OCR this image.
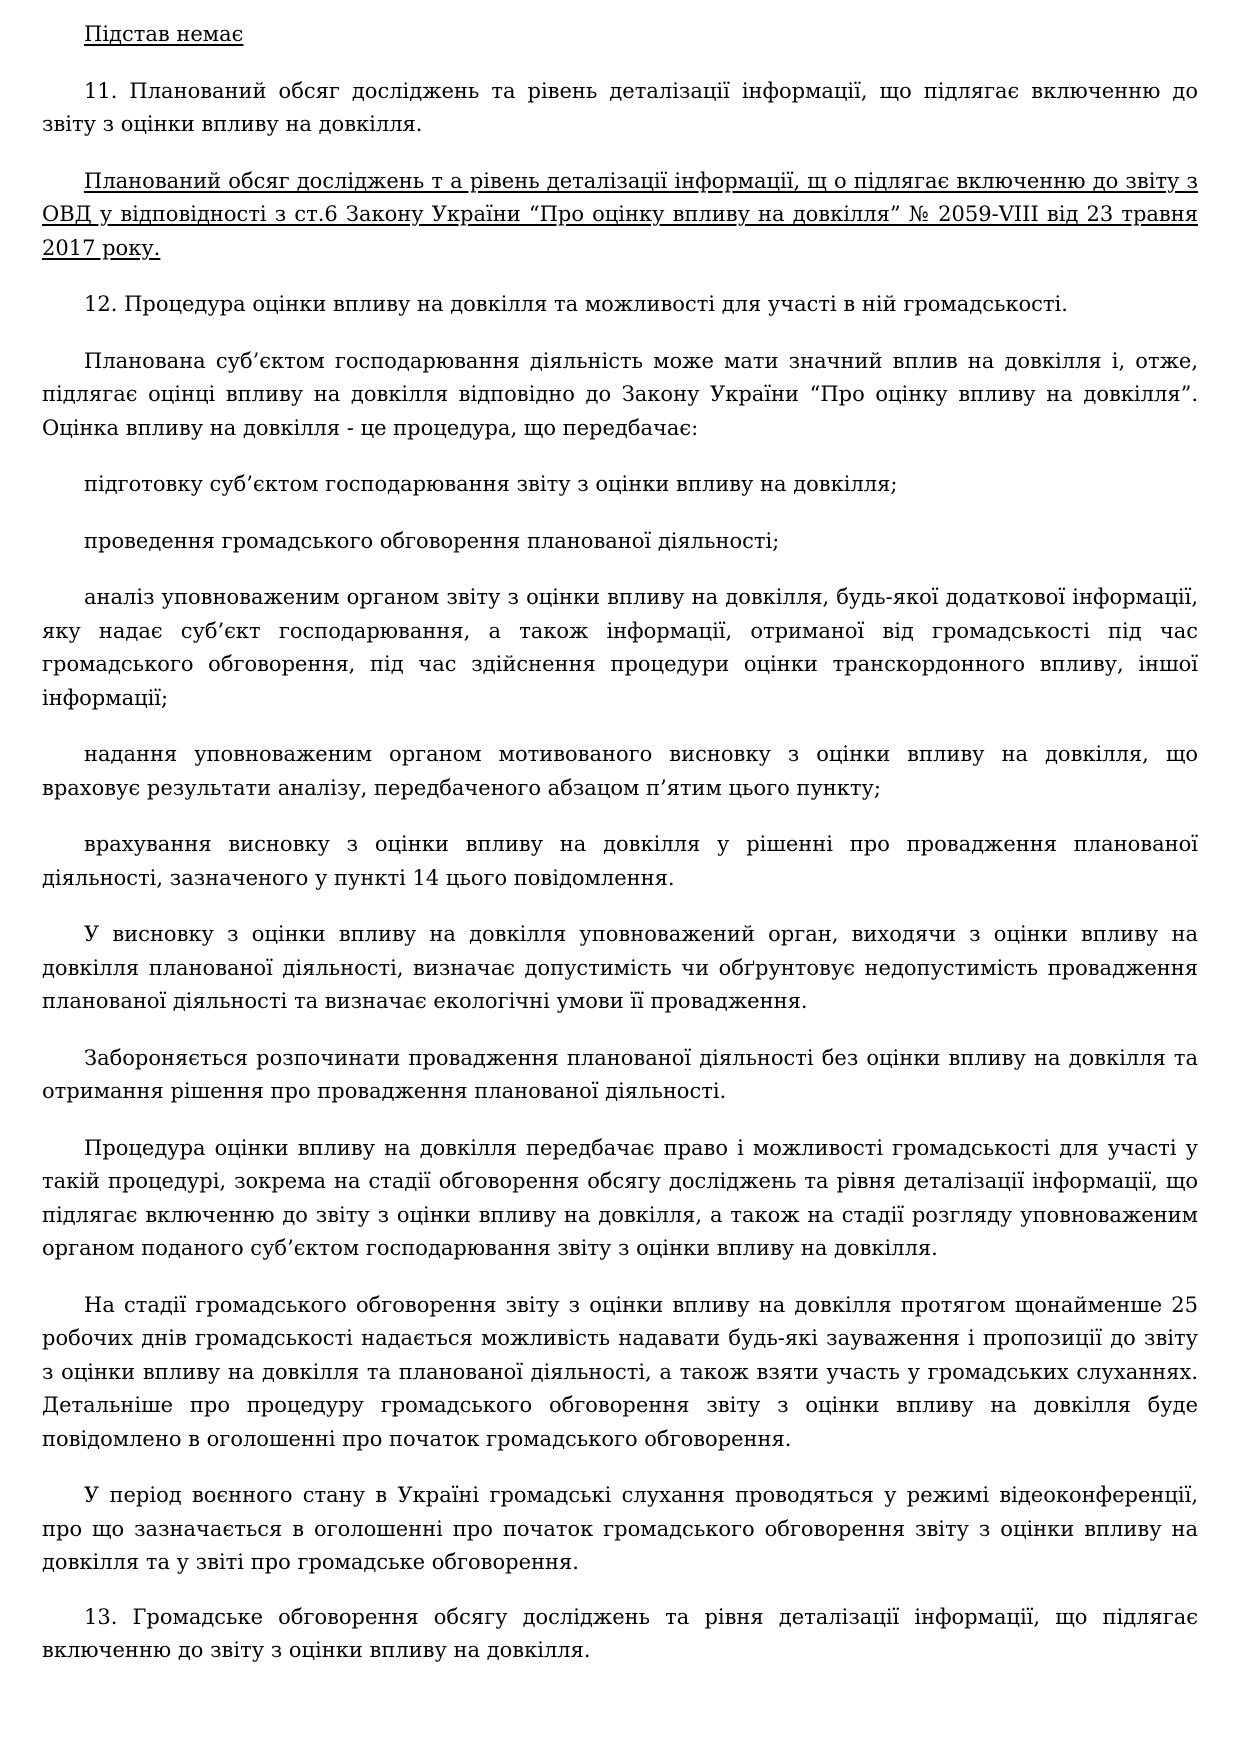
Підстав немає

11. Планований обсяг досліджень та рівень деталізації інформації, що підлягає включенню до звіту з оцінки впливу на довкілля.

Планований обсяг досліджень т а рівень деталізації інформації, щ о підлягає включенню до звіту з ОВД у відповідності з ст.6 Закону України “Про оцінку впливу на довкілля” № 2059-VIII від 23 травня 2017 року.

12. Процедура оцінки впливу на довкілля та можливості для участі в ній громадськості.

Планована суб’єктом господарювання діяльність може мати значний вплив на довкілля і, отже, підлягає оцінці впливу на довкілля відповідно до Закону України “Про оцінку впливу на довкілля”. Оцінка впливу на довкілля - це процедура, що передбачає:

підготовку суб’єктом господарювання звіту з оцінки впливу на довкілля;

проведення громадського обговорення планованої діяльності;

аналіз уповноваженим органом звіту з оцінки впливу на довкілля, будь-якої додаткової інформації, яку надає суб’єкт господарювання, а також інформації, отриманої від громадськості під час громадського обговорення, під час здійснення процедури оцінки транскордонного впливу, іншої інформації;

надання уповноваженим органом мотивованого висновку з оцінки впливу на довкілля, що враховує результати аналізу, передбаченого абзацом п’ятим цього пункту;

врахування висновку з оцінки впливу на довкілля у рішенні про провадження планованої діяльності, зазначеного у пункті 14 цього повідомлення.

У висновку з оцінки впливу на довкілля уповноважений орган, виходячи з оцінки впливу на довкілля планованої діяльності, визначає допустимість чи обґрунтовує недопустимість провадження планованої діяльності та визначає екологічні умови її провадження.

Забороняється розпочинати провадження планованої діяльності без оцінки впливу на довкілля та отримання рішення про провадження планованої діяльності.

Процедура оцінки впливу на довкілля передбачає право і можливості громадськості для участі у такій процедурі, зокрема на стадії обговорення обсягу досліджень та рівня деталізації інформації, що підлягає включенню до звіту з оцінки впливу на довкілля, а також на стадії розгляду уповноваженим органом поданого суб’єктом господарювання звіту з оцінки впливу на довкілля.

На стадії громадського обговорення звіту з оцінки впливу на довкілля протягом щонайменше 25 робочих днів громадськості надається можливість надавати будь-які зауваження і пропозиції до звіту з оцінки впливу на довкілля та планованої діяльності, а також взяти участь у громадських слуханнях. Детальніше про процедуру громадського обговорення звіту з оцінки впливу на довкілля буде повідомлено в оголошенні про початок громадського обговорення.

У період воєнного стану в Україні громадські слухання проводяться у режимі відеоконференції, про що зазначається в оголошенні про початок громадського обговорення звіту з оцінки впливу на довкілля та у звіті про громадське обговорення.

13. Громадське обговорення обсягу досліджень та рівня деталізації інформації, що підлягає включенню до звіту з оцінки впливу на довкілля.
